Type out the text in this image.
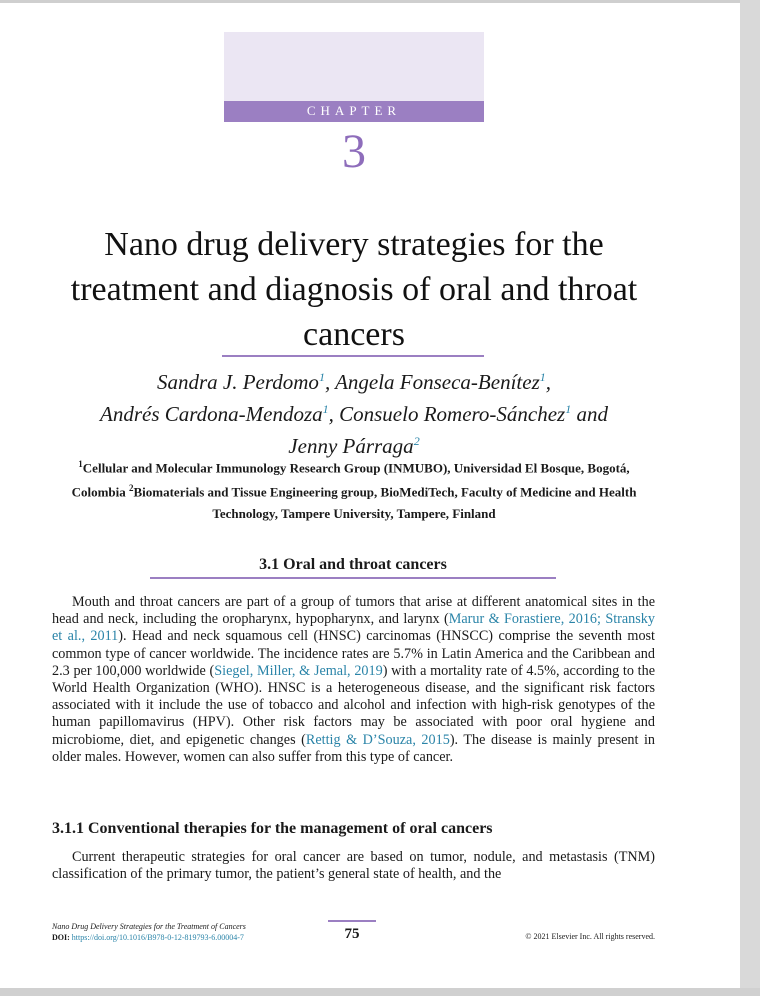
CHAPTER
3
Nano drug delivery strategies for the treatment and diagnosis of oral and throat cancers
Sandra J. Perdomo$^1$, Angela Fonseca-Benítez$^1$,
Andrés Cardona-Mendoza$^1$, Consuelo Romero-Sánchez$^1$ and
Jenny Párraga$^2$
$^1$Cellular and Molecular Immunology Research Group (INMUBO), Universidad El Bosque, Bogotá, Colombia $^2$Biomaterials and Tissue Engineering group, BioMediTech, Faculty of Medicine and Health Technology, Tampere University, Tampere, Finland
3.1 Oral and throat cancers
Mouth and throat cancers are part of a group of tumors that arise at different anatomical sites in the head and neck, including the oropharynx, hypopharynx, and larynx (Marur & Forastiere, 2016; Stransky et al., 2011). Head and neck squamous cell (HNSC) carcinomas (HNSCC) comprise the seventh most common type of cancer worldwide. The incidence rates are 5.7% in Latin America and the Caribbean and 2.3 per 100,000 worldwide (Siegel, Miller, & Jemal, 2019) with a mortality rate of 4.5%, according to the World Health Organization (WHO). HNSC is a heterogeneous disease, and the significant risk factors associated with it include the use of tobacco and alcohol and infection with high-risk genotypes of the human papillomavirus (HPV). Other risk factors may be associated with poor oral hygiene and microbiome, diet, and epigenetic changes (Rettig & D’Souza, 2015). The disease is mainly present in older males. However, women can also suffer from this type of cancer.
3.1.1 Conventional therapies for the management of oral cancers
Current therapeutic strategies for oral cancer are based on tumor, nodule, and metastasis (TNM) classification of the primary tumor, the patient’s general state of health, and the
Nano Drug Delivery Strategies for the Treatment of Cancers
DOI: https://doi.org/10.1016/B978-0-12-819793-6.00004-7	75	© 2021 Elsevier Inc. All rights reserved.
